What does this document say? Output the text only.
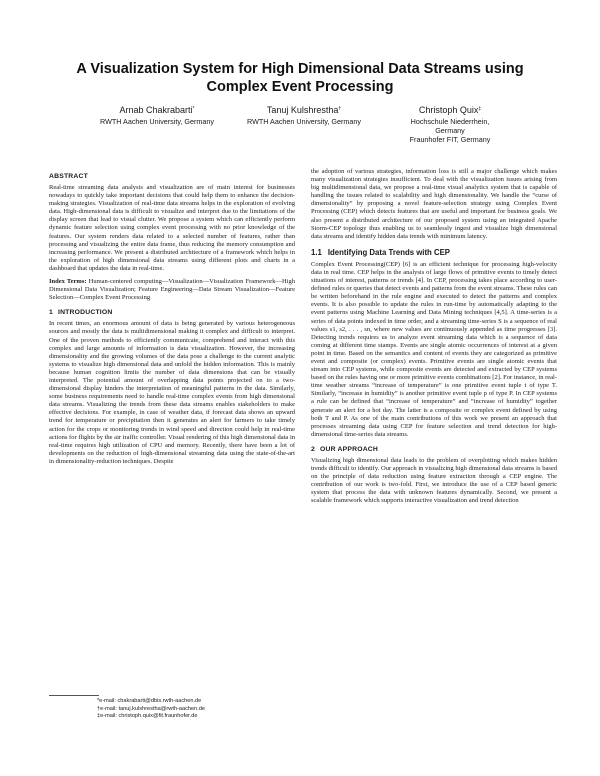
A Visualization System for High Dimensional Data Streams using
Complex Event Processing
Arnab Chakrabarti*
RWTH Aachen University, Germany
Tanuj Kulshrestha†
RWTH Aachen University, Germany
Christoph Quix‡
Hochschule Niederrhein,
Germany
Fraunhofer FIT, Germany
ABSTRACT

Real-time streaming data analysis and visualization are of main interest for businesses nowadays to quickly take important decisions that could help them to enhance the decision-making strategies. Visualization of real-time data streams helps in the exploration of evolving data. High-dimensional data is difficult to visualize and interpret due to the limitations of the display screen that lead to visual clutter. We propose a system which can efficiently perform dynamic feature selection using complex event processing with no prior knowledge of the features. Our system renders data related to a selected number of features, rather than processing and visualizing the entire data frame, thus reducing the memory consumption and increasing performance. We present a distributed architecture of a framework which helps in the exploration of high dimensional data streams using different plots and charts in a dashboard that updates the data in real-time.

Index Terms: Human-centered computing—Visualization—Visualization Framework—High Dimensional Data Visualization; Feature Engineering—Data Stream Visualization—Feature Selection—Complex Event Processing

1 INTRODUCTION

In recent times, an enormous amount of data is being generated by various heterogeneous sources and mostly the data is multidimensional making it complex and difficult to interpret. One of the proven methods to efficiently communicate, comprehend and interact with this complex and large amounts of information is data visualization. However, the increasing dimensionality and the growing volumes of the data pose a challenge to the current analytic systems to visualize high dimensional data and unfold the hidden information. This is mainly because human cognition limits the number of data dimensions that can be visually interpreted. The potential amount of overlapping data points projected on to a two-dimensional display hinders the interpretation of meaningful patterns in the data. Similarly, some business requirements need to handle real-time complex events from high dimensional data streams. Visualizing the trends from these data streams enables stakeholders to make effective decisions. For example, in case of weather data, if forecast data shows an upward trend for temperature or precipitation then it generates an alert for farmers to take timely action for the crops or monitoring trends in wind speed and direction could help in real-time actions for flights by the air traffic controller. Visual rendering of this high dimensional data in real-time requires high utilization of CPU and memory. Recently, there have been a lot of developments on the reduction of high-dimensional streaming data using the state-of-the-art in dimensionality-reduction techniques. Despite

the adoption of various strategies, information loss is still a major challenge which makes many visualization strategies insufficient. To deal with the visualization issues arising from big multidimensional data, we propose a real-time visual analytics system that is capable of handling the issues related to scalability and high dimensionality. We handle the “curse of dimensionality” by proposing a novel feature-selection strategy using Complex Event Processing (CEP) which detects features that are useful and important for business goals. We also present a distributed architecture of our proposed system using an integrated Apache Storm-CEP topology thus enabling us to seamlessly ingest and visualize high dimensional data streams and identify hidden data trends with minimum latency.

1.1 Identifying Data Trends with CEP

Complex Event Processing(CEP) [6] is an efficient technique for processing high-velocity data in real time. CEP helps in the analysis of large flows of primitive events to timely detect situations of interest, patterns or trends [4]. In CEP, processing takes place according to user-defined rules or queries that detect events and patterns from the event streams. These rules can be written beforehand in the rule engine and executed to detect the patterns and complex events. It is also possible to update the rules in run-time by automatically adapting to the event patterns using Machine Learning and Data Mining techniques [4,5]. A time-series is a series of data points indexed in time order, and a streaming time-series S is a sequence of real values s1, s2, . . . , sn, where new values are continuously appended as time progresses [3]. Detecting trends requires us to analyze event streaming data which is a sequence of data coming at different time stamps. Events are single atomic occurrences of interest at a given point in time. Based on the semantics and content of events they are categorized as primitive event and composite (or complex) events. Primitive events are single atomic events that stream into CEP systems, while composite events are detected and extracted by CEP systems based on the rules having one or more primitive events combinations [2]. For instance, in real-time weather streams “increase of temperature” is one primitive event tuple t of type T. Similarly, “increase in humidity” is another primitive event tuple p of type P. In CEP systems a rule can be defined that “increase of temperature” and “increase of humidity” together generate an alert for a hot day. The latter is a composite or complex event defined by using both T and P. As one of the main contributions of this work we present an approach that processes streaming data using CEP for feature selection and trend detection for high-dimensional time-series data streams.

2 OUR APPROACH

Visualizing high dimensional data leads to the problem of overplotting which makes hidden trends difficult to identify. Our approach in visualizing high dimensional data streams is based on the principle of data reduction using feature extraction through a CEP engine. The contribution of our work is two-fold. First, we introduce the use of a CEP based generic system that process the data with unknown features dynamically. Second, we present a scalable framework which supports interactive visualization and trend detection

*e-mail: chakrabarti@dbis.rwth-aachen.de
†e-mail: tanuj.kulshrestha@rwth-aachen.de
‡e-mail: christoph.quix@fit.fraunhofer.de
